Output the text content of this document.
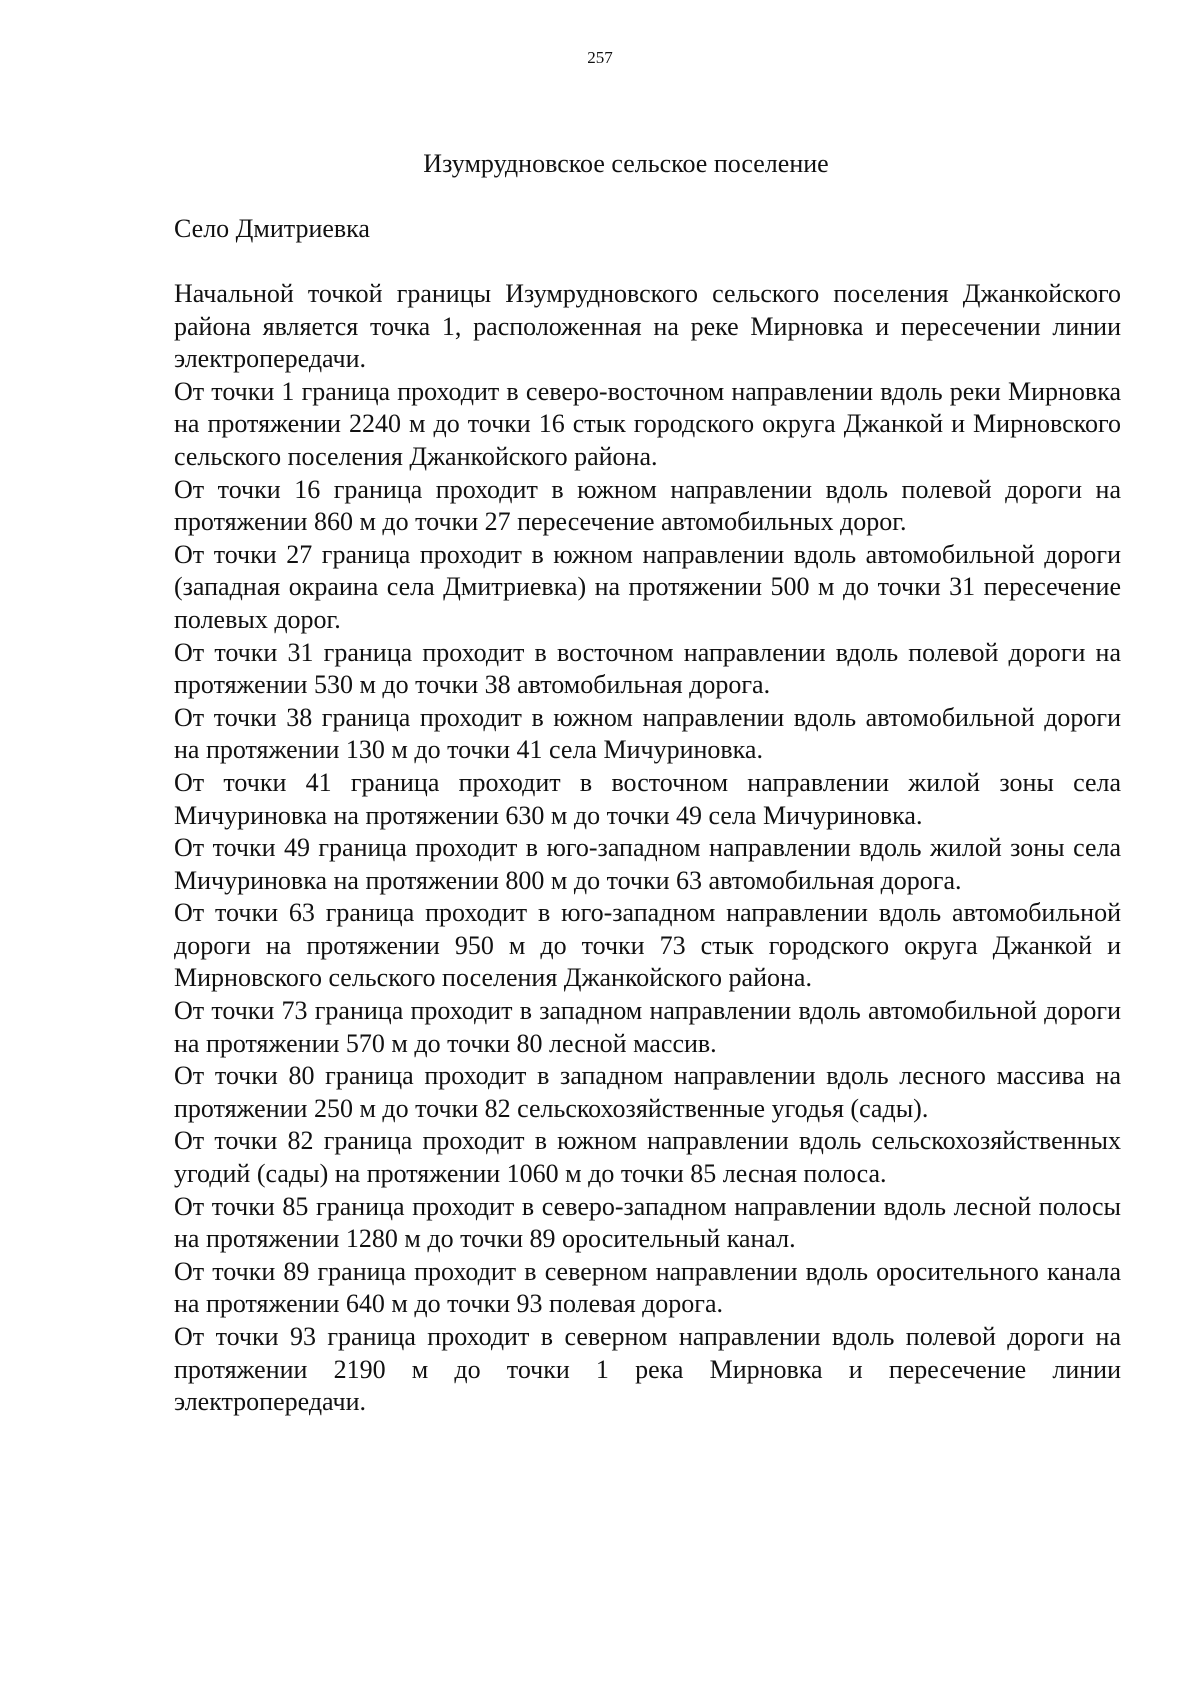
257
Изумрудновское сельское поселение
Село Дмитриевка

Начальной точкой границы Изумрудновского сельского поселения Джанкойского района является точка 1, расположенная на реке Мирновка и пересечении линии электропередачи.

От точки 1 граница проходит в северо-восточном направлении вдоль реки Мирновка на протяжении 2240 м до точки 16 стык городского округа Джанкой и Мирновского сельского поселения Джанкойского района.

От точки 16 граница проходит в южном направлении вдоль полевой дороги на протяжении 860 м до точки 27 пересечение автомобильных дорог.

От точки 27 граница проходит в южном направлении вдоль автомобильной дороги (западная окраина села Дмитриевка) на протяжении 500 м до точки 31 пересечение полевых дорог.

От точки 31 граница проходит в восточном направлении вдоль полевой дороги на протяжении 530 м до точки 38 автомобильная дорога.

От точки 38 граница проходит в южном направлении вдоль автомобильной дороги на протяжении 130 м до точки 41 села Мичуриновка.

От точки 41 граница проходит в восточном направлении жилой зоны села Мичуриновка на протяжении 630 м до точки 49 села Мичуриновка.

От точки 49 граница проходит в юго-западном направлении вдоль жилой зоны села Мичуриновка на протяжении 800 м до точки 63 автомобильная дорога.

От точки 63 граница проходит в юго-западном направлении вдоль автомобильной дороги на протяжении 950 м до точки 73 стык городского округа Джанкой и Мирновского сельского поселения Джанкойского района.

От точки 73 граница проходит в западном направлении вдоль автомобильной дороги на протяжении 570 м до точки 80 лесной массив.

От точки 80 граница проходит в западном направлении вдоль лесного массива на протяжении 250 м до точки 82 сельскохозяйственные угодья (сады).

От точки 82 граница проходит в южном направлении вдоль сельскохозяйственных угодий (сады) на протяжении 1060 м до точки 85 лесная полоса.

От точки 85 граница проходит в северо-западном направлении вдоль лесной полосы на протяжении 1280 м до точки 89 оросительный канал.

От точки 89 граница проходит в северном направлении вдоль оросительного канала на протяжении 640 м до точки 93 полевая дорога.

От точки 93 граница проходит в северном направлении вдоль полевой дороги на протяжении 2190 м до точки 1 река Мирновка и пересечение линии электропередачи.
